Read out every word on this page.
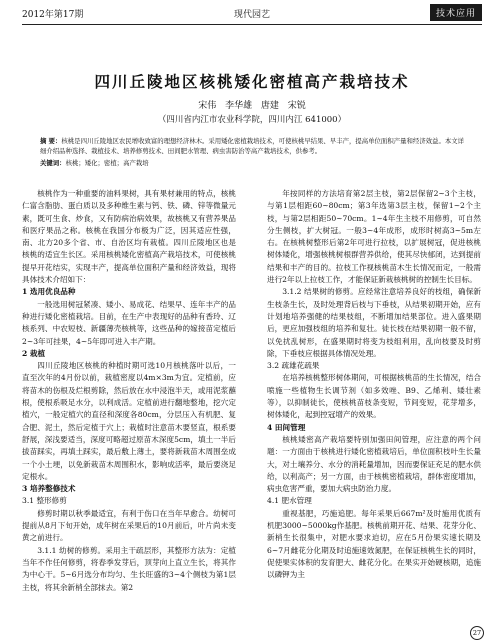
2012年第17期	现代园艺	技术应用
四川丘陵地区核桃矮化密植高产栽培技术
宋伟 李华雄 唐建 宋锐
（四川省内江市农业科学院，四川内江 641000）
摘 要：核桃是四川丘陵地区农民增收致富的理想经济林木。采用矮化密植栽培技术，可使核桃早结果、早丰产，提高单位面积产量和经济效益。本文详细介绍品种选择、栽植技术、培养修剪技术、田间肥水管理、病虫害防治等高产栽培技术，供参考。
关键词：核桃；矮化；密植；高产栽培

核桃作为一种重要的油料果树，具有果材兼用的特点，核桃仁富含脂肪、蛋白质以及多种维生素与钙、铁、磷、锌等微量元素，既可生食、炒食，又有防病治病效果，故核桃又有营养果品和医疗果品之称。核桃在我国分布极为广泛，因其适应性强，南、北方20多个省、市、自治区均有栽植。四川丘陵地区也是核桃的适宜生长区。采用核桃矮化密植高产栽培技术，可使核桃提早开花结实，实现丰产，提高单位面积产量和经济效益，现将具体技术介绍如下：

1 选用优良品种

一般选用树冠紧凑、矮小、易成花、结果早、连年丰产的品种进行矮化密植栽培。目前，在生产中表现好的品种有香玲、辽核系列、中农短枝、新疆薄壳核桃等，这些品种的嫁接苗定植后2~3年可挂果，4~5年即可进入丰产期。

2 栽植

四川丘陵地区核桃的种植时期可选10月核桃落叶以后，一直至次年的4月份以前，栽植密度以4m×3m为宜。定植前，应将苗木的伤根及烂根剪除，然后放在水中浸泡半天，或用泥浆蘸根，使根系吸足水分，以利成活。定植前进行翻地整地，挖穴定植穴，一般定植穴的直径和深度各80cm，分层压入有机肥、复合肥、泥土，然后定植于穴上；栽植时注意苗木要竖直，根系要舒展，深浅要适当，深度可略超过原苗木深度5cm，填土一半后拔苗踩实，再填土踩实，最后敷上薄土，要将新栽苗木周围垒成一个小土埂，以免新栽苗木周围积水，影响成活率，最后要浇足定根水。

3 培养整修技术
3.1 整形修剪

修剪时期以秋季最适宜，有利于伤口在当年早愈合。幼树可提前从8月下旬开始，成年树在采果后的10月前后，叶片尚未变黄之前进行。

3.1.1 幼树的修剪。采用主干疏层形，其整形方法为：定植当年不作任何修剪，将春季发芽后，顶芽向上直立生长，将其作为中心干。5~6月选分布均匀、生长旺盛的3~4个侧枝为第1层主枝，将其余新梢全部抹去。第2

年按同样的方法培育第2层主枝，第2层保留2~3个主枝，与第1层相距60~80cm；第3年选第3层主枝，保留1~2个主枝，与第2层相距50~70cm。1~4年生主枝不用修剪，可自然分生侧枝，扩大树冠。一般3~4年成形，成形时树高3~5m左右。在核桃树整形后第2年可进行拉枝，以扩展树冠，促进核桃树体矮化，增强核桃树根群营养供给，使其尽快郁闭，达到提前结果和丰产的目的。拉枝工作视核桃苗木生长情况而定，一般需进行2年以上拉枝工作，才能保证新栽核桃树的控制生长目标。

3.1.2 结果树的修剪。应经常注意培养良好的枝组，确保新生枝条生长，及时处理背后枝与下垂枝，从结果初期开始，应有计划地培养强健的结果枝组，不断增加结果部位。进入盛果期后，更应加强枝组的培养和复壮。徒长枝在结果初期一般不留，以免扰乱树形，在盛果期时将变为枝组利用，乱向枝要及时剪除，下垂枝应根据具体情况处理。

3.2 疏雄花疏果

在培养核桃整形树体期间，可根据核桃苗的生长情况，结合喷施一些植物生长调节剂（如多效唑、B9、乙烯利、矮壮素等），以抑制徒长，使核桃苗枝条变短，节间变短，花芽增多，树体矮化，起到控冠增产的效果。

4 田间管理

核桃矮密高产栽培要特别加强田间管理，应注意的两个问题：一方面由于核桃进行矮化密植栽培后，单位面积枝叶生长量大，对土壤养分、水分的消耗量增加，因而要保证充足的肥水供给，以利高产；另一方面，由于核桃密植栽培，群体密度增加，病虫危害严重，要加大病虫防治力度。

4.1 肥水管理

重视基肥，巧施追肥。每年采果后667m²及时施用优质有机肥3000~5000kg作基肥。核桃前期开花、结果、花芽分化、新梢生长很集中，对肥水要求迫切，应在5月份果实速长期及6~7月雌花分化期及时追施速效氮肥，在保证核桃生长的同时，促使果实体积的发育肥大、雌花分化。在果实开始硬核期，追施以磷钾为主

27
